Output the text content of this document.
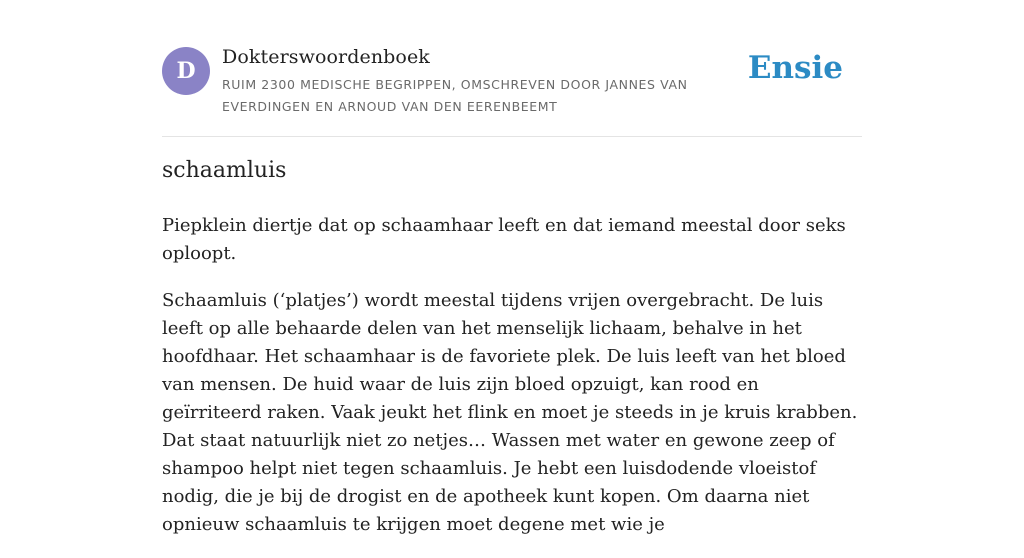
D
Dokterswoordenboek
RUIM 2300 MEDISCHE BEGRIPPEN, OMSCHREVEN DOOR JANNES VAN EVERDINGEN EN ARNOUD VAN DEN EERENBEEMT
Ensie
schaamluis

Piepklein diertje dat op schaamhaar leeft en dat iemand meestal door seks oploopt.

Schaamluis (‘platjes’) wordt meestal tijdens vrijen overgebracht. De luis leeft op alle behaarde delen van het menselijk lichaam, behalve in het hoofdhaar. Het schaamhaar is de favoriete plek. De luis leeft van het bloed van mensen. De huid waar de luis zijn bloed opzuigt, kan rood en geïrriteerd raken. Vaak jeukt het flink en moet je steeds in je kruis krabben. Dat staat natuurlijk niet zo netjes… Wassen met water en gewone zeep of shampoo helpt niet tegen schaamluis. Je hebt een luisdodende vloeistof nodig, die je bij de drogist en de apotheek kunt kopen. Om daarna niet opnieuw schaamluis te krijgen moet degene met wie je
